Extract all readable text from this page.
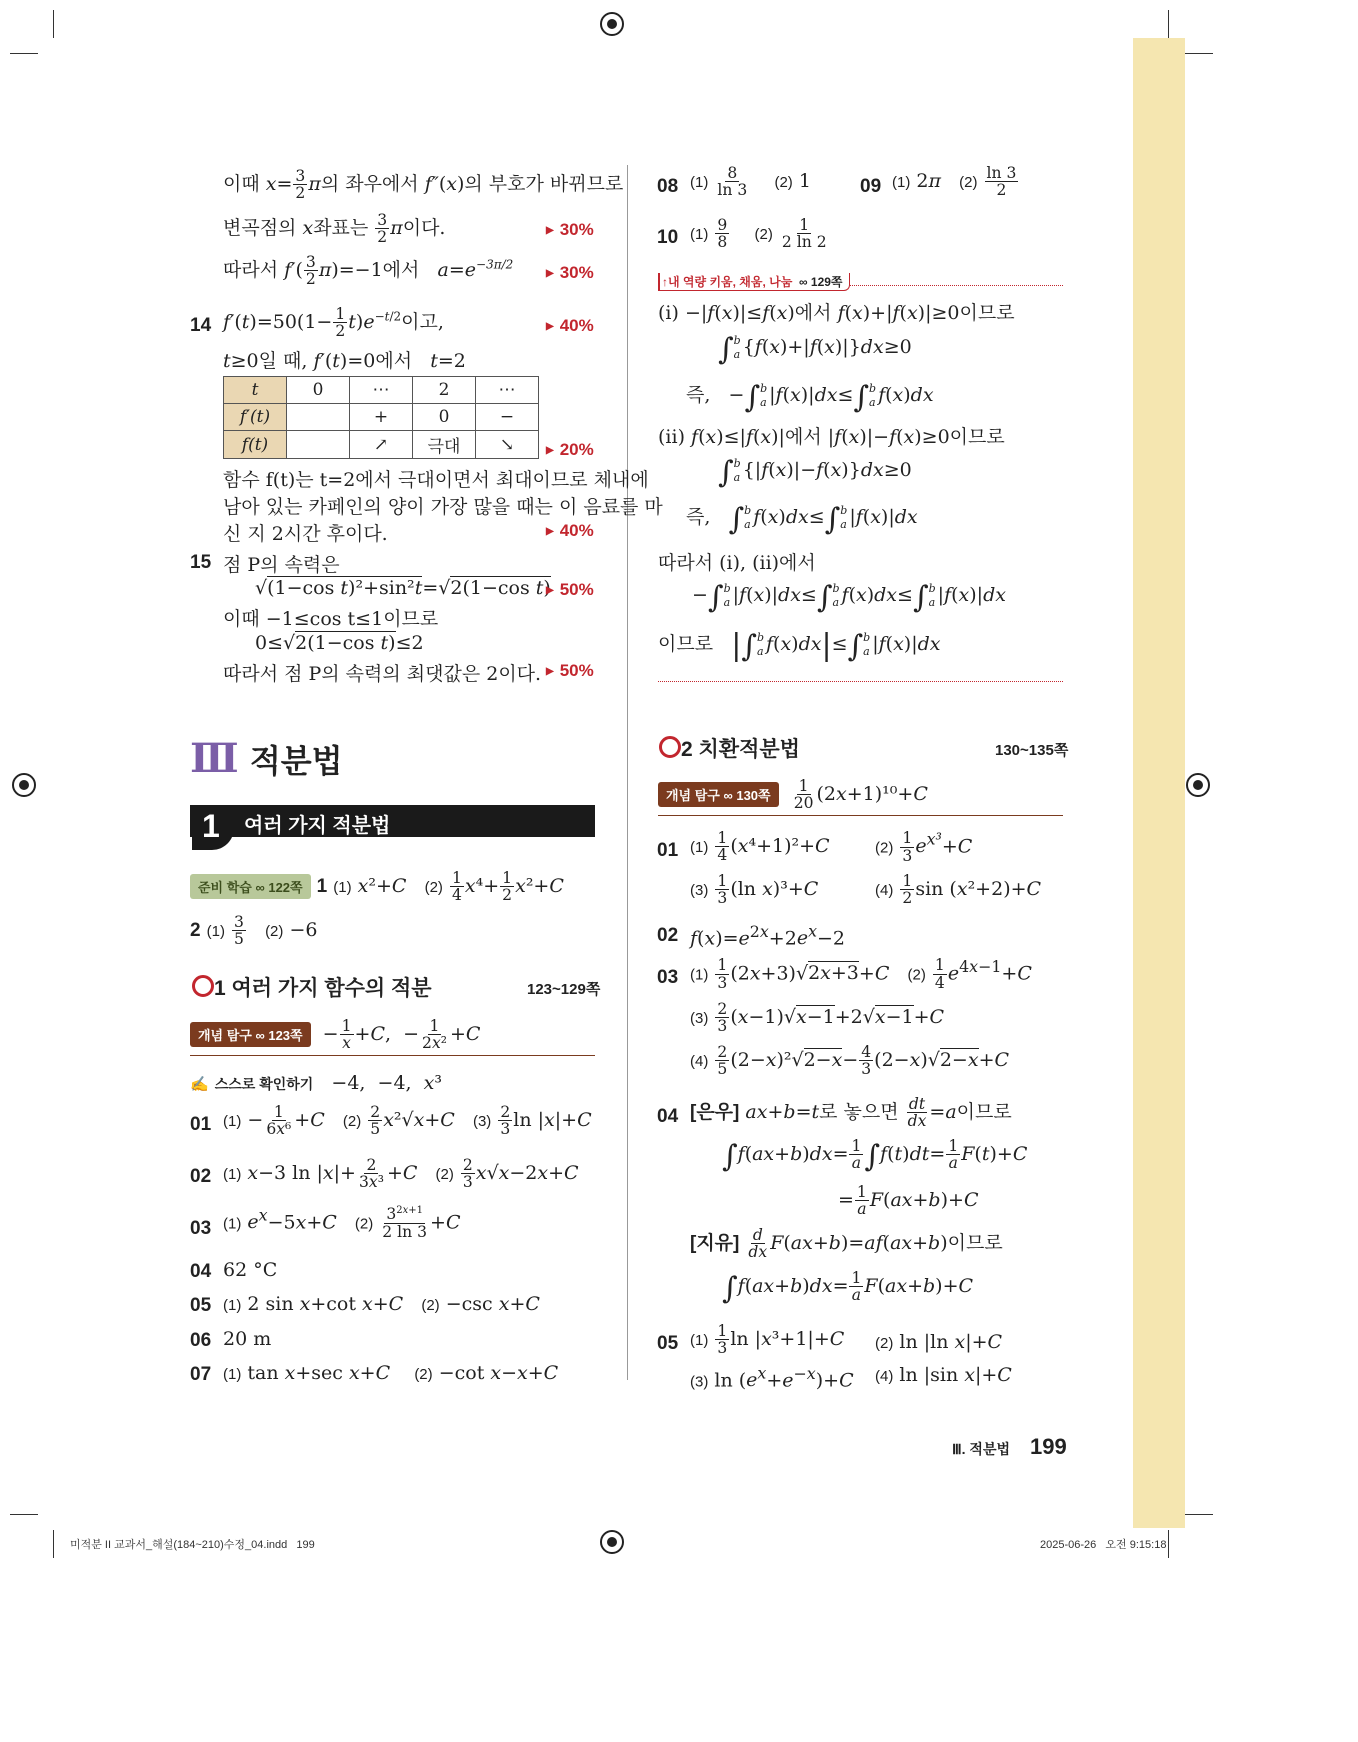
이때 $x= \frac{3}{2}$ π의 좌우에서 f″(x)의 부호가 바뀌므로
변곡점의 x좌표는 $\frac{3}{2}$ π이다.	▶ 30%
따라서 $f'( \frac{3}{2} \pi)=-1$에서 $a=e^{-3\pi/2}$	▶ 30%
14 $f'(t)=50(1- \frac{1}{2} t)e^{-t/2}$이고,	▶ 40%
t≥0일 때, f′(t)=0에서 t=2
t	0	⋯	2	⋯
f′(t)		+	0	−
f(t)		↗	극대	↘	▶ 20%
함수 f(t)는 t=2에서 극대이면서 최대이므로 체내에
남아 있는 카페인의 양이 가장 많을 때는 이 음료를 마
신 지 2시간 후이다.	▶ 40%
15 점 P의 속력은
√(1−cos t)²+sin²t=√2(1−cos t) ▶ 50%
이때 −1≤cos t≤1이므로
0≤√2(1−cos t)≤2
따라서 점 P의 속력의 최댓값은 2이다.	▶ 50%
Ⅲ 적분법
1 여러 가지 적분법
준비 학습 ∞ 122쪽 1 (1) x²+C $(2) \frac{1}{4} x^4+ \frac{1}{2} x^2+C$
2 $(1) \frac{3}{5} (2) -6$
1 여러 가지 함수의 적분	123~129쪽
개념 탐구 ∞ 123쪽  − $\frac{1}{x} +C$,  − $\frac{1}{\text{2x²}} +C$
✍ 스스로 확인하기   −4,  −4,  x³
01 $(1) - \frac{1}{\text{6x⁶}} +C$ $(2) \frac{2}{5} x^2√x+C$ $(3) \frac{2}{3}$ ln |x|+C
02 (1) x−3 $\ln |x|+ \frac{2}{\text{3x³}} +C$ $(2) \frac{2}{3} x√x-2x+C$
03 (1) $e^x-5x+C$ $(2) \frac{3^{2x+1}}{2 \ln 3} +C$
04 62 °C
05 (1) 2 sin x+cot x+C (2) −csc x+C
06 20 m
07 (1) tan x+sec x+C (2) −cot x−x+C
08 $(1) \frac{8}{\ln 3} (2)$ 1	09 (1) 2π $(2) \frac{\ln 3}{2}$
10 $(1) \frac{9}{8} (2) \frac{1}{2 \ln 2}$
↑내 역량 키움, 채움, 나눔 ∞ 129쪽
(i) −|f(x)|≤f(x)에서 f(x)+|f(x)|≥0이므로
∫ b
a {f(x)+|f(x)|}dx≥0
즉,   −∫ b
a |f(x)|dx≤∫ b
a f(x)dx
(ii) f(x)≤|f(x)|에서 |f(x)|−f(x)≥0이므로
∫ b
a {|f(x)|−f(x)}dx≥0
즉, ∫ b
a f(x)dx≤∫ b
a |f(x)|dx
따라서 (i), (ii)에서
−∫ b
a |f(x)|dx≤∫ b
a f(x)dx≤∫ b
a |f(x)|dx
이므로 |∫ b
a f(x)dx|≤∫ b
a |f(x)|dx
2 치환적분법	130~135쪽
개념 탐구 ∞ 130쪽 $\frac{1}{20} (2x+1)^{10}+C$
01 $(1) \frac{1}{4} (x^4+1)^2+C$	$(2) \frac{1}{3} e^{x^3}+C$
$(3) \frac{1}{3} (\ln$ x)³+C	$(4) \frac{1}{2}$ sin (x²+2)+C
02 $f(x)=e^{2x}+2e^x-2$
03 $(1) \frac{1}{3} (2x+3)√2x+3+C$ $(2) \frac{1}{4} e^{4x-1}+C$
$(3) \frac{2}{3} (x-1)√x-1+2√x-1+C$
$(4) \frac{2}{5} (2-x)^2√2-x- \frac{4}{3} (2-x)√2-x+C$
04 [은우] ax+b=t로 놓으면 $\frac{dt}{dx} =a$이므로
$\int f(ax+b)dx= \frac{1}{a} \int f(t)dt= \frac{1}{a} F(t)+C$
= $\frac{1}{a} F(ax+b)+C$
[지유] $\frac{d}{dx} F(ax+b)=af(ax+b)$이므로
$\int f(ax+b)dx= \frac{1}{a} F(ax+b)+C$
05 $(1) \frac{1}{3}$ ln |x³+1|+C (2) ln |ln x|+C
(3) $\ln (e^x+e^{-x})+C$ (4) ln |sin x|+C
Ⅲ. 적분법 199
미적분 II 교과서_해설(184~210)수정_04.indd   199	2025-06-26   오전 9:15:18
